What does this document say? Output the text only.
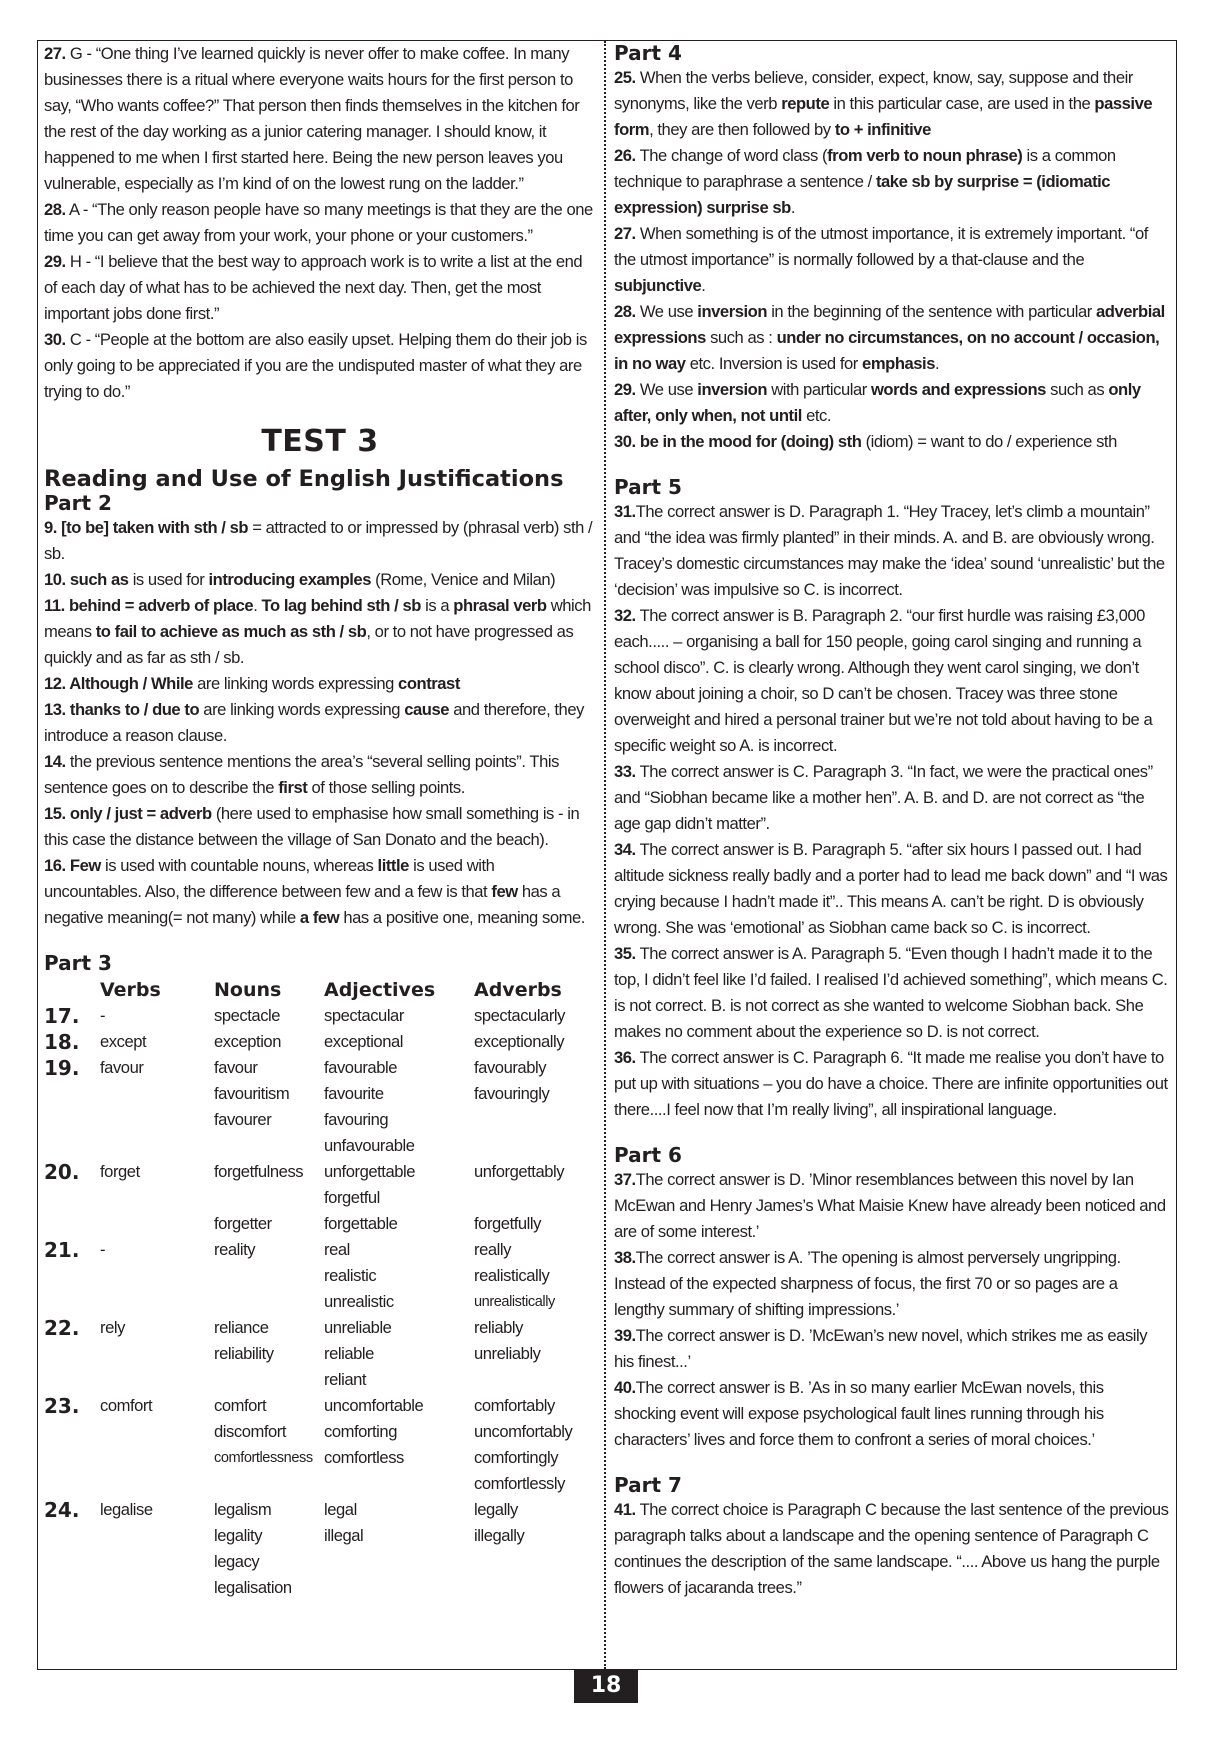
27. G - “One thing I’ve learned quickly is never offer to make coffee. In many businesses there is a ritual where everyone waits hours for the first person to say, “Who wants coffee?” That person then finds themselves in the kitchen for the rest of the day working as a junior catering manager. I should know, it happened to me when I first started here. Being the new person leaves you vulnerable, especially as I’m kind of on the lowest rung on the ladder.”

28. A - “The only reason people have so many meetings is that they are the one time you can get away from your work, your phone or your customers.”

29. H - “I believe that the best way to approach work is to write a list at the end of each day of what has to be achieved the next day. Then, get the most important jobs done first.”

30. C - “People at the bottom are also easily upset. Helping them do their job is only going to be appreciated if you are the undisputed master of what they are trying to do.”

TEST 3
Reading and Use of English Justifications
Part 2

9. [to be] taken with sth / sb = attracted to or impressed by (phrasal verb) sth / sb.

10. such as is used for introducing examples (Rome, Venice and Milan)

11. behind = adverb of place. To lag behind sth / sb is a phrasal verb which means to fail to achieve as much as sth / sb, or to not have progressed as quickly and as far as sth / sb.

12. Although / While are linking words expressing contrast

13. thanks to / due to are linking words expressing cause and therefore, they introduce a reason clause.

14. the previous sentence mentions the area’s “several selling points”. This sentence goes on to describe the first of those selling points.

15. only / just = adverb (here used to emphasise how small something is - in this case the distance between the village of San Donato and the beach).

16. Few is used with countable nouns, whereas little is used with uncountables. Also, the difference between few and a few is that few has a negative meaning(= not many) while a few has a positive one, meaning some.

Part 3
	Verbs	Nouns	Adjectives	Adverbs
17.	-	spectacle	spectacular	spectacularly
18.	except	exception	exceptional	exceptionally
19.	favour	favour	favourable	favourably
		favouritism	favourite	favouringly
		favourer	favouring	
			unfavourable	
20.	forget	forgetfulness	unforgettable	unforgettably
			forgetful	
		forgetter	forgettable	forgetfully
21.	-	reality	real	really
			realistic	realistically
			unrealistic	unrealistically
22.	rely	reliance	unreliable	reliably
		reliability	reliable	unreliably
			reliant	
23.	comfort	comfort	uncomfortable	comfortably
		discomfort	comforting	uncomfortably
		comfortlessness	comfortless	comfortingly
				comfortlessly
24.	legalise	legalism	legal	legally
		legality	illegal	illegally
		legacy		
		legalisation		
Part 4

25. When the verbs believe, consider, expect, know, say, suppose and their synonyms, like the verb repute in this particular case, are used in the passive form, they are then followed by to + infinitive

26. The change of word class (from verb to noun phrase) is a common technique to paraphrase a sentence / take sb by surprise = (idiomatic expression) surprise sb.

27. When something is of the utmost importance, it is extremely important. “of the utmost importance” is normally followed by a that-clause and the subjunctive.

28. We use inversion in the beginning of the sentence with particular adverbial expressions such as : under no circumstances, on no account / occasion, in no way etc. Inversion is used for emphasis.

29. We use inversion with particular words and expressions such as only after, only when, not until etc.

30. be in the mood for (doing) sth (idiom) = want to do / experience sth

Part 5

31.The correct answer is D. Paragraph 1. “Hey Tracey, let’s climb a mountain” and “the idea was firmly planted” in their minds. A. and B. are obviously wrong. Tracey’s domestic circumstances may make the ‘idea’ sound ‘unrealistic’ but the ‘decision’ was impulsive so C. is incorrect.

32. The correct answer is B. Paragraph 2. “our first hurdle was raising £3,000 each..... – organising a ball for 150 people, going carol singing and running a school disco”. C. is clearly wrong. Although they went carol singing, we don’t know about joining a choir, so D can’t be chosen. Tracey was three stone overweight and hired a personal trainer but we’re not told about having to be a specific weight so A. is incorrect.

33. The correct answer is C. Paragraph 3. “In fact, we were the practical ones” and “Siobhan became like a mother hen”. A. B. and D. are not correct as “the age gap didn’t matter”.

34. The correct answer is B. Paragraph 5. “after six hours I passed out. I had altitude sickness really badly and a porter had to lead me back down” and “I was crying because I hadn’t made it”.. This means A. can’t be right. D is obviously wrong. She was ‘emotional’ as Siobhan came back so C. is incorrect.

35. The correct answer is A. Paragraph 5. “Even though I hadn’t made it to the top, I didn’t feel like I’d failed. I realised I’d achieved something”, which means C. is not correct. B. is not correct as she wanted to welcome Siobhan back. She makes no comment about the experience so D. is not correct.

36. The correct answer is C. Paragraph 6. “It made me realise you don’t have to put up with situations – you do have a choice. There are infinite opportunities out there....I feel now that I’m really living”, all inspirational language.

Part 6

37.The correct answer is D. ’Minor resemblances between this novel by Ian McEwan and Henry James’s What Maisie Knew have already been noticed and are of some interest.’

38.The correct answer is A. ’The opening is almost perversely ungripping. Instead of the expected sharpness of focus, the first 70 or so pages are a lengthy summary of shifting impressions.’

39.The correct answer is D. ’McEwan’s new novel, which strikes me as easily his finest...’

40.The correct answer is B. ’As in so many earlier McEwan novels, this shocking event will expose psychological fault lines running through his characters’ lives and force them to confront a series of moral choices.’

Part 7

41. The correct choice is Paragraph C because the last sentence of the previous paragraph talks about a landscape and the opening sentence of Paragraph C continues the description of the same landscape. “.... Above us hang the purple flowers of jacaranda trees.”

18
